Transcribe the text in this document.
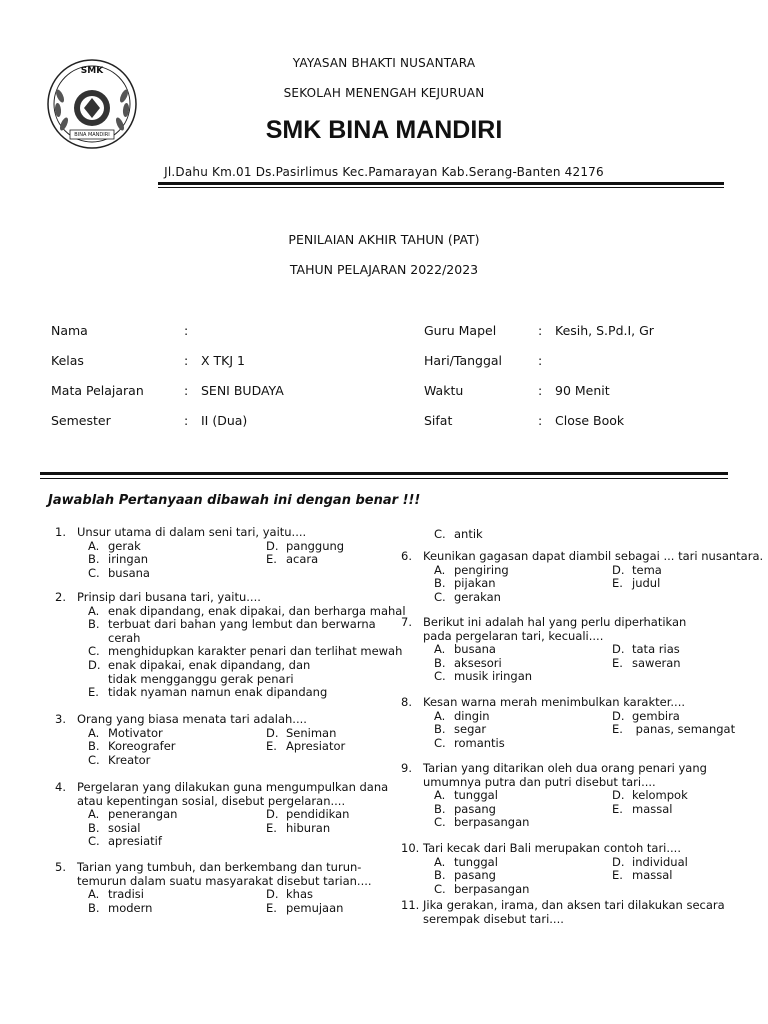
SMK
BINA MANDIRI
YAYASAN BHAKTI NUSANTARA
SEKOLAH MENENGAH KEJURUAN
SMK BINA MANDIRI
Jl.Dahu Km.01 Ds.Pasirlimus Kec.Pamarayan Kab.Serang-Banten 42176
PENILAIAN AKHIR TAHUN (PAT)
TAHUN PELAJARAN 2022/2023
Nama	:
Kelas	: X TKJ 1
Mata Pelajaran	: SENI BUDAYA
Semester	: II (Dua)
Guru Mapel	: Kesih, S.Pd.I, Gr
Hari/Tanggal	:
Waktu	: 90 Menit
Sifat	: Close Book
Jawablah Pertanyaan dibawah ini dengan benar !!!
1. Unsur utama di dalam seni tari, yaitu....
A. gerak
B. iringan
C. busana
D. panggung
E. acara
2. Prinsip dari busana tari, yaitu....
A. enak dipandang, enak dipakai, dan berharga mahal
B. terbuat dari bahan yang lembut dan berwarna
cerah
C. menghidupkan karakter penari dan terlihat mewah
D. enak dipakai, enak dipandang, dan
tidak mengganggu gerak penari
E. tidak nyaman namun enak dipandang
3. Orang yang biasa menata tari adalah....
A. Motivator
B. Koreografer
C. Kreator
D. Seniman
E. Apresiator
4. Pergelaran yang dilakukan guna mengumpulkan dana
atau kepentingan sosial, disebut pergelaran....
A. penerangan
B. sosial
C. apresiatif
D. pendidikan
E. hiburan
5. Tarian yang tumbuh, dan berkembang dan turun-
temurun dalam suatu masyarakat disebut tarian....
A. tradisi
B. modern
C. antik
D. khas
E. pemujaan
6. Keunikan gagasan dapat diambil sebagai ... tari nusantara.
A. pengiring
B. pijakan
C. gerakan
D. tema
E. judul
7. Berikut ini adalah hal yang perlu diperhatikan
pada pergelaran tari, kecuali....
A. busana
B. aksesori
C. musik iringan
D. tata rias
E. saweran
8. Kesan warna merah menimbulkan karakter....
A. dingin
B. segar
C. romantis
D. gembira
E. panas, semangat
9. Tarian yang ditarikan oleh dua orang penari yang
umumnya putra dan putri disebut tari....
A. tunggal
B. pasang
C. berpasangan
D. kelompok
E. massal
10. Tari kecak dari Bali merupakan contoh tari....
A. tunggal
B. pasang
C. berpasangan
D. individual
E. massal
11. Jika gerakan, irama, dan aksen tari dilakukan secara
serempak disebut tari....
